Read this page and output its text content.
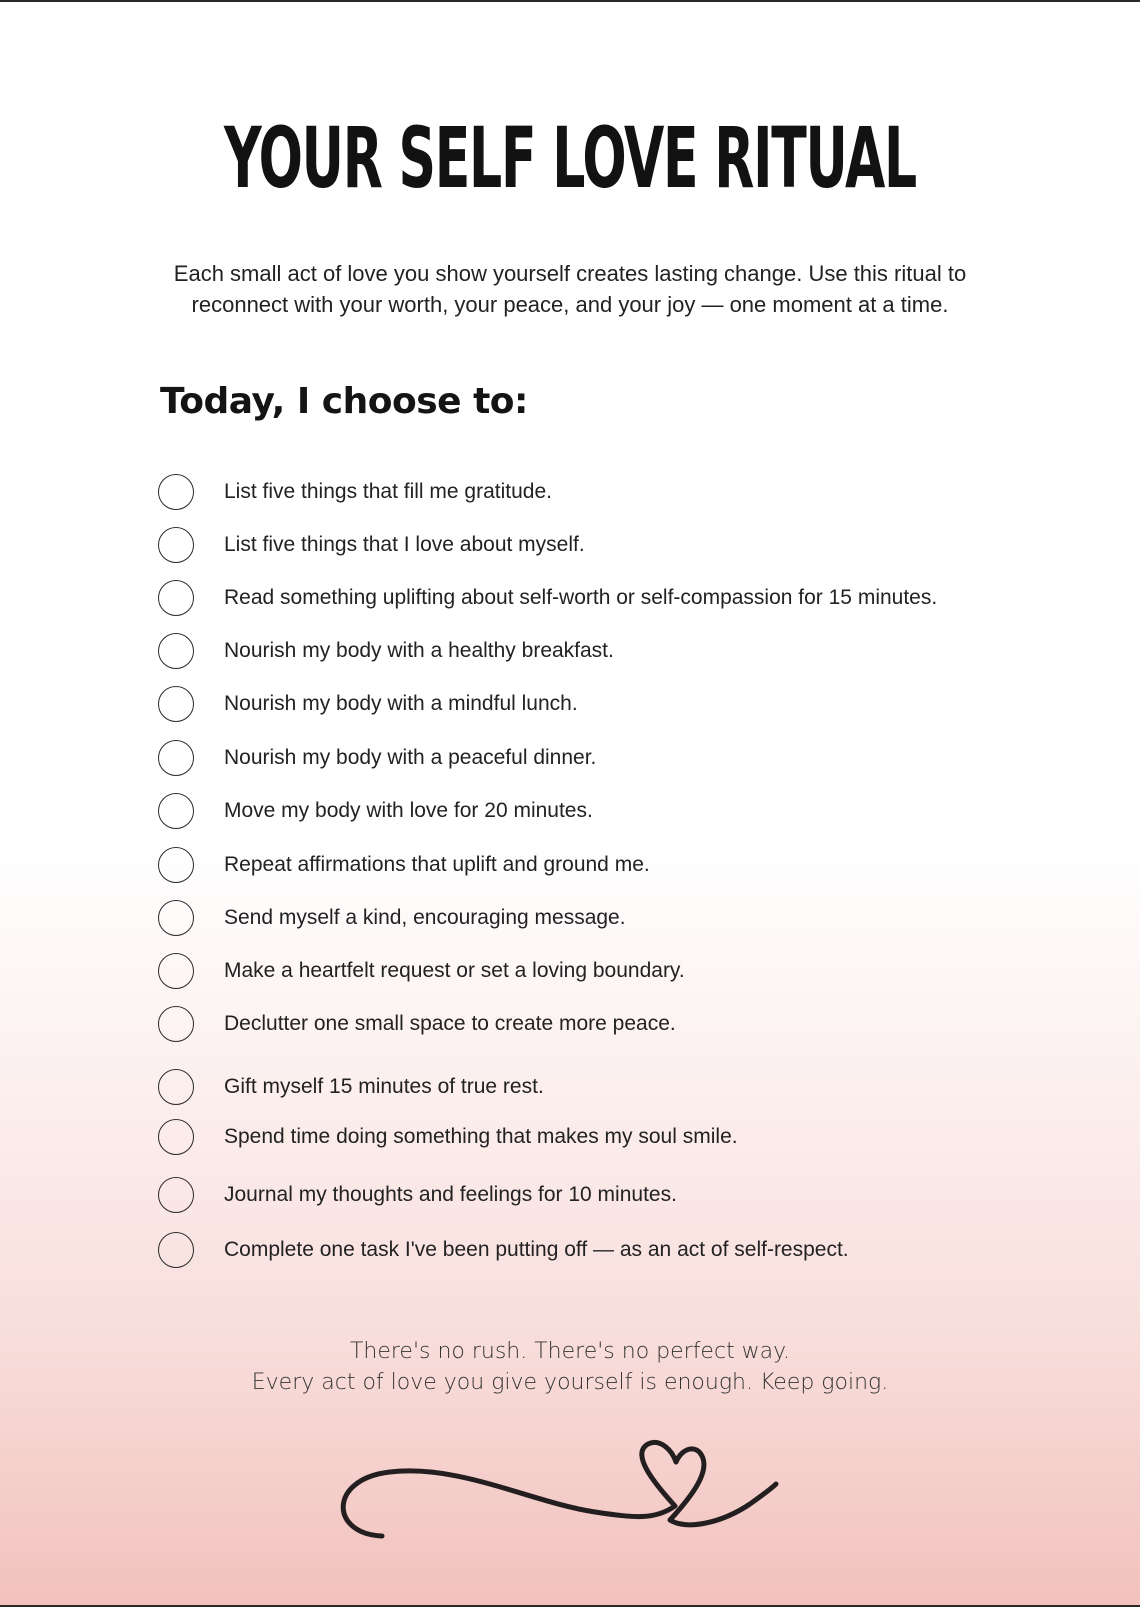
YOUR SELF LOVE RITUAL

Each small act of love you show yourself creates lasting change. Use this ritual to

reconnect with your worth, your peace, and your joy — one moment at a time.

Today, I choose to:
List five things that fill me gratitude.
List five things that I love about myself.
Read something uplifting about self-worth or self-compassion for 15 minutes.
Nourish my body with a healthy breakfast.
Nourish my body with a mindful lunch.
Nourish my body with a peaceful dinner.
Move my body with love for 20 minutes.
Repeat affirmations that uplift and ground me.
Send myself a kind, encouraging message.
Make a heartfelt request or set a loving boundary.
Declutter one small space to create more peace.
Gift myself 15 minutes of true rest.
Spend time doing something that makes my soul smile.
Journal my thoughts and feelings for 10 minutes.
Complete one task I've been putting off — as an act of self-respect.

There's no rush. There's no perfect way.

Every act of love you give yourself is enough. Keep going.
